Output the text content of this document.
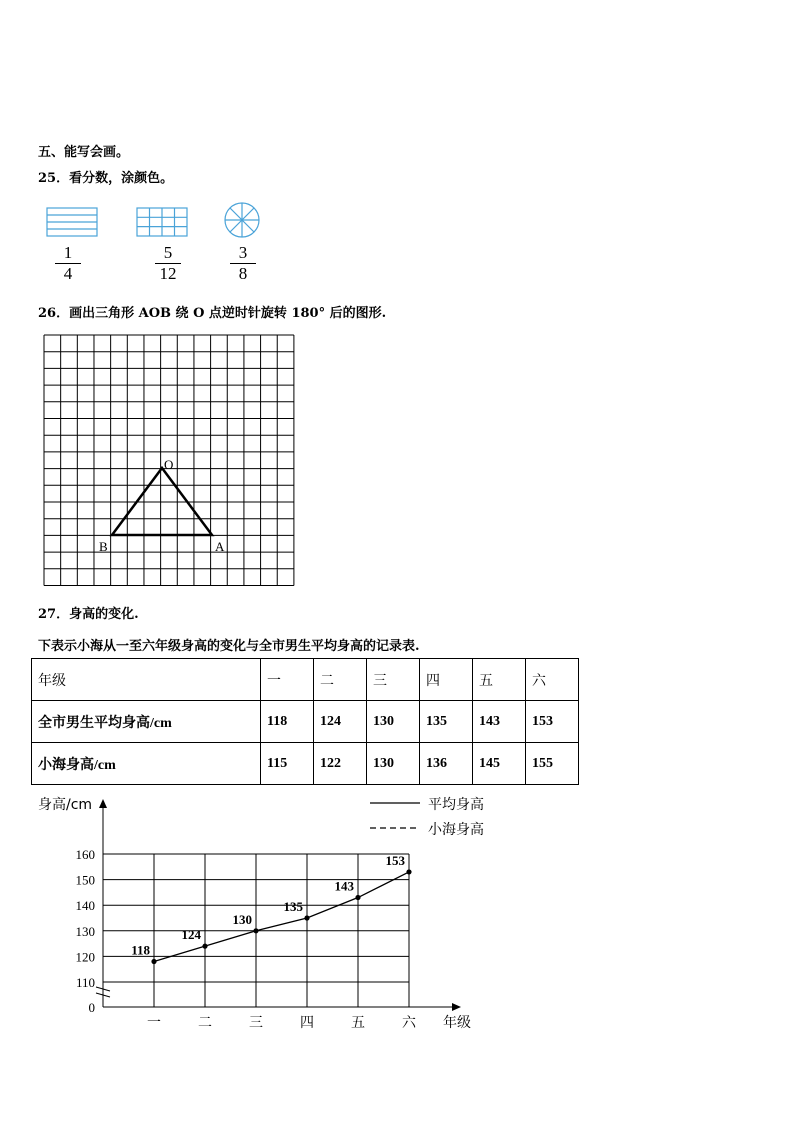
五、能写会画。
25．看分数，涂颜色。
1
4
5
12
3
8
26．画出三角形 AOB 绕 O 点逆时针旋转 180° 后的图形.
O
B	A
27．身高的变化.
下表示小海从一至六年级身高的变化与全市男生平均身高的记录表.
年级	一	二	三	四	五	六
全市男生平均身高/cm	118	124	130	135	143	153
小海身高/cm	115	122	130	136	145	155
身高/cm
年级
平均身高
小海身高
0
110
120
130
140
150
160
一	二	三	四	五	六
118
124
130
135
143
153
